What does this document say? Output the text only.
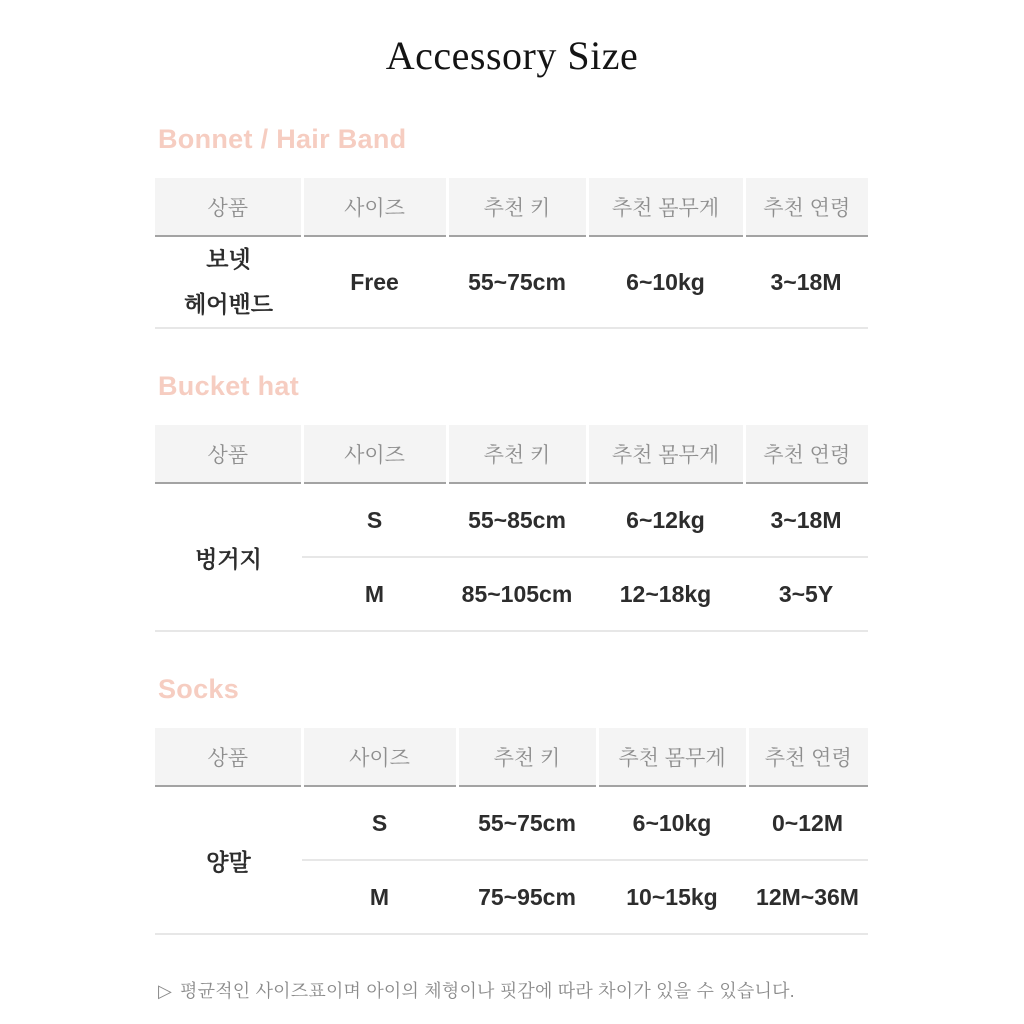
Accessory Size
Bonnet / Hair Band
상품	사이즈	추천 키	추천 몸무게	추천 연령

보넷
헤어밴드	Free	55~75cm	6~10kg	3~18M
Bucket hat
상품	사이즈	추천 키	추천 몸무게	추천 연령
벙거지	S	55~85cm	6~12kg	3~18M
	M	85~105cm	12~18kg	3~5Y
Socks
상품	사이즈	추천 키	추천 몸무게	추천 연령
양말	S	55~75cm	6~10kg	0~12M
	M	75~95cm	10~15kg	12M~36M

▷ 평균적인 사이즈표이며 아이의 체형이나 핏감에 따라 차이가 있을 수 있습니다.
